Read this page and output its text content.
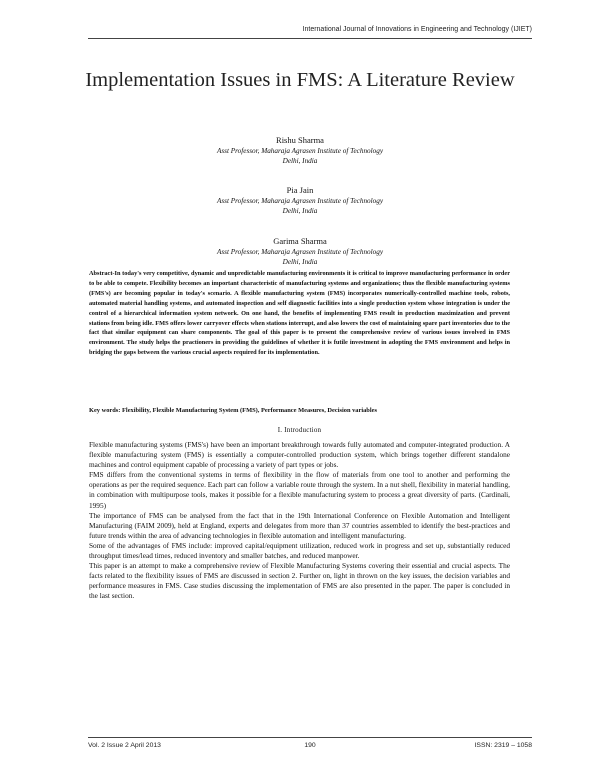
International Journal of Innovations in Engineering and Technology (IJIET)
Implementation Issues in FMS: A Literature Review
Rishu Sharma
Asst Professor, Maharaja Agrasen Institute of Technology
Delhi, India
Pia Jain
Asst Professor, Maharaja Agrasen Institute of Technology
Delhi, India
Garima Sharma
Asst Professor, Maharaja Agrasen Institute of Technology
Delhi, India

Abstract-In today's very competitive, dynamic and unpredictable manufacturing environments it is critical to improve manufacturing performance in order to be able to compete. Flexibility becomes an important characteristic of manufacturing systems and organizations; thus the flexible manufacturing systems (FMS's) are becoming popular in today's scenario. A flexible manufacturing system (FMS) incorporates numerically-controlled machine tools, robots, automated material handling systems, and automated inspection and self diagnostic facilities into a single production system whose integration is under the control of a hierarchical information system network. On one hand, the benefits of implementing FMS result in production maximization and prevent stations from being idle. FMS offers lower carryover effects when stations interrupt, and also lowers the cost of maintaining spare part inventories due to the fact that similar equipment can share components. The goal of this paper is to present the comprehensive review of various issues involved in FMS environment. The study helps the practioners in providing the guidelines of whether it is futile investment in adopting the FMS environment and helps in bridging the gaps between the various crucial aspects required for its implementation.

Key words: Flexibility, Flexible Manufacturing System (FMS), Performance Measures, Decision variables

I. Introduction

Flexible manufacturing systems (FMS's) have been an important breakthrough towards fully automated and computer-integrated production. A flexible manufacturing system (FMS) is essentially a computer-controlled production system, which brings together different standalone machines and control equipment capable of processing a variety of part types or jobs.

FMS differs from the conventional systems in terms of flexibility in the flow of materials from one tool to another and performing the operations as per the required sequence. Each part can follow a variable route through the system. In a nut shell, flexibility in material handling, in combination with multipurpose tools, makes it possible for a flexible manufacturing system to process a great diversity of parts. (Cardinali, 1995)

The importance of FMS can be analysed from the fact that in the 19th International Conference on Flexible Automation and Intelligent Manufacturing (FAIM 2009), held at England, experts and delegates from more than 37 countries assembled to identify the best-practices and future trends within the area of advancing technologies in flexible automation and intelligent manufacturing.

Some of the advantages of FMS include: improved capital/equipment utilization, reduced work in progress and set up, substantially reduced throughput times/lead times, reduced inventory and smaller batches, and reduced manpower.

This paper is an attempt to make a comprehensive review of Flexible Manufacturing Systems covering their essential and crucial aspects. The facts related to the flexibility issues of FMS are discussed in section 2. Further on, light in thrown on the key issues, the decision variables and performance measures in FMS. Case studies discussing the implementation of FMS are also presented in the paper. The paper is concluded in the last section.

Vol. 2 Issue 2 April 2013	190	ISSN: 2319 – 1058
